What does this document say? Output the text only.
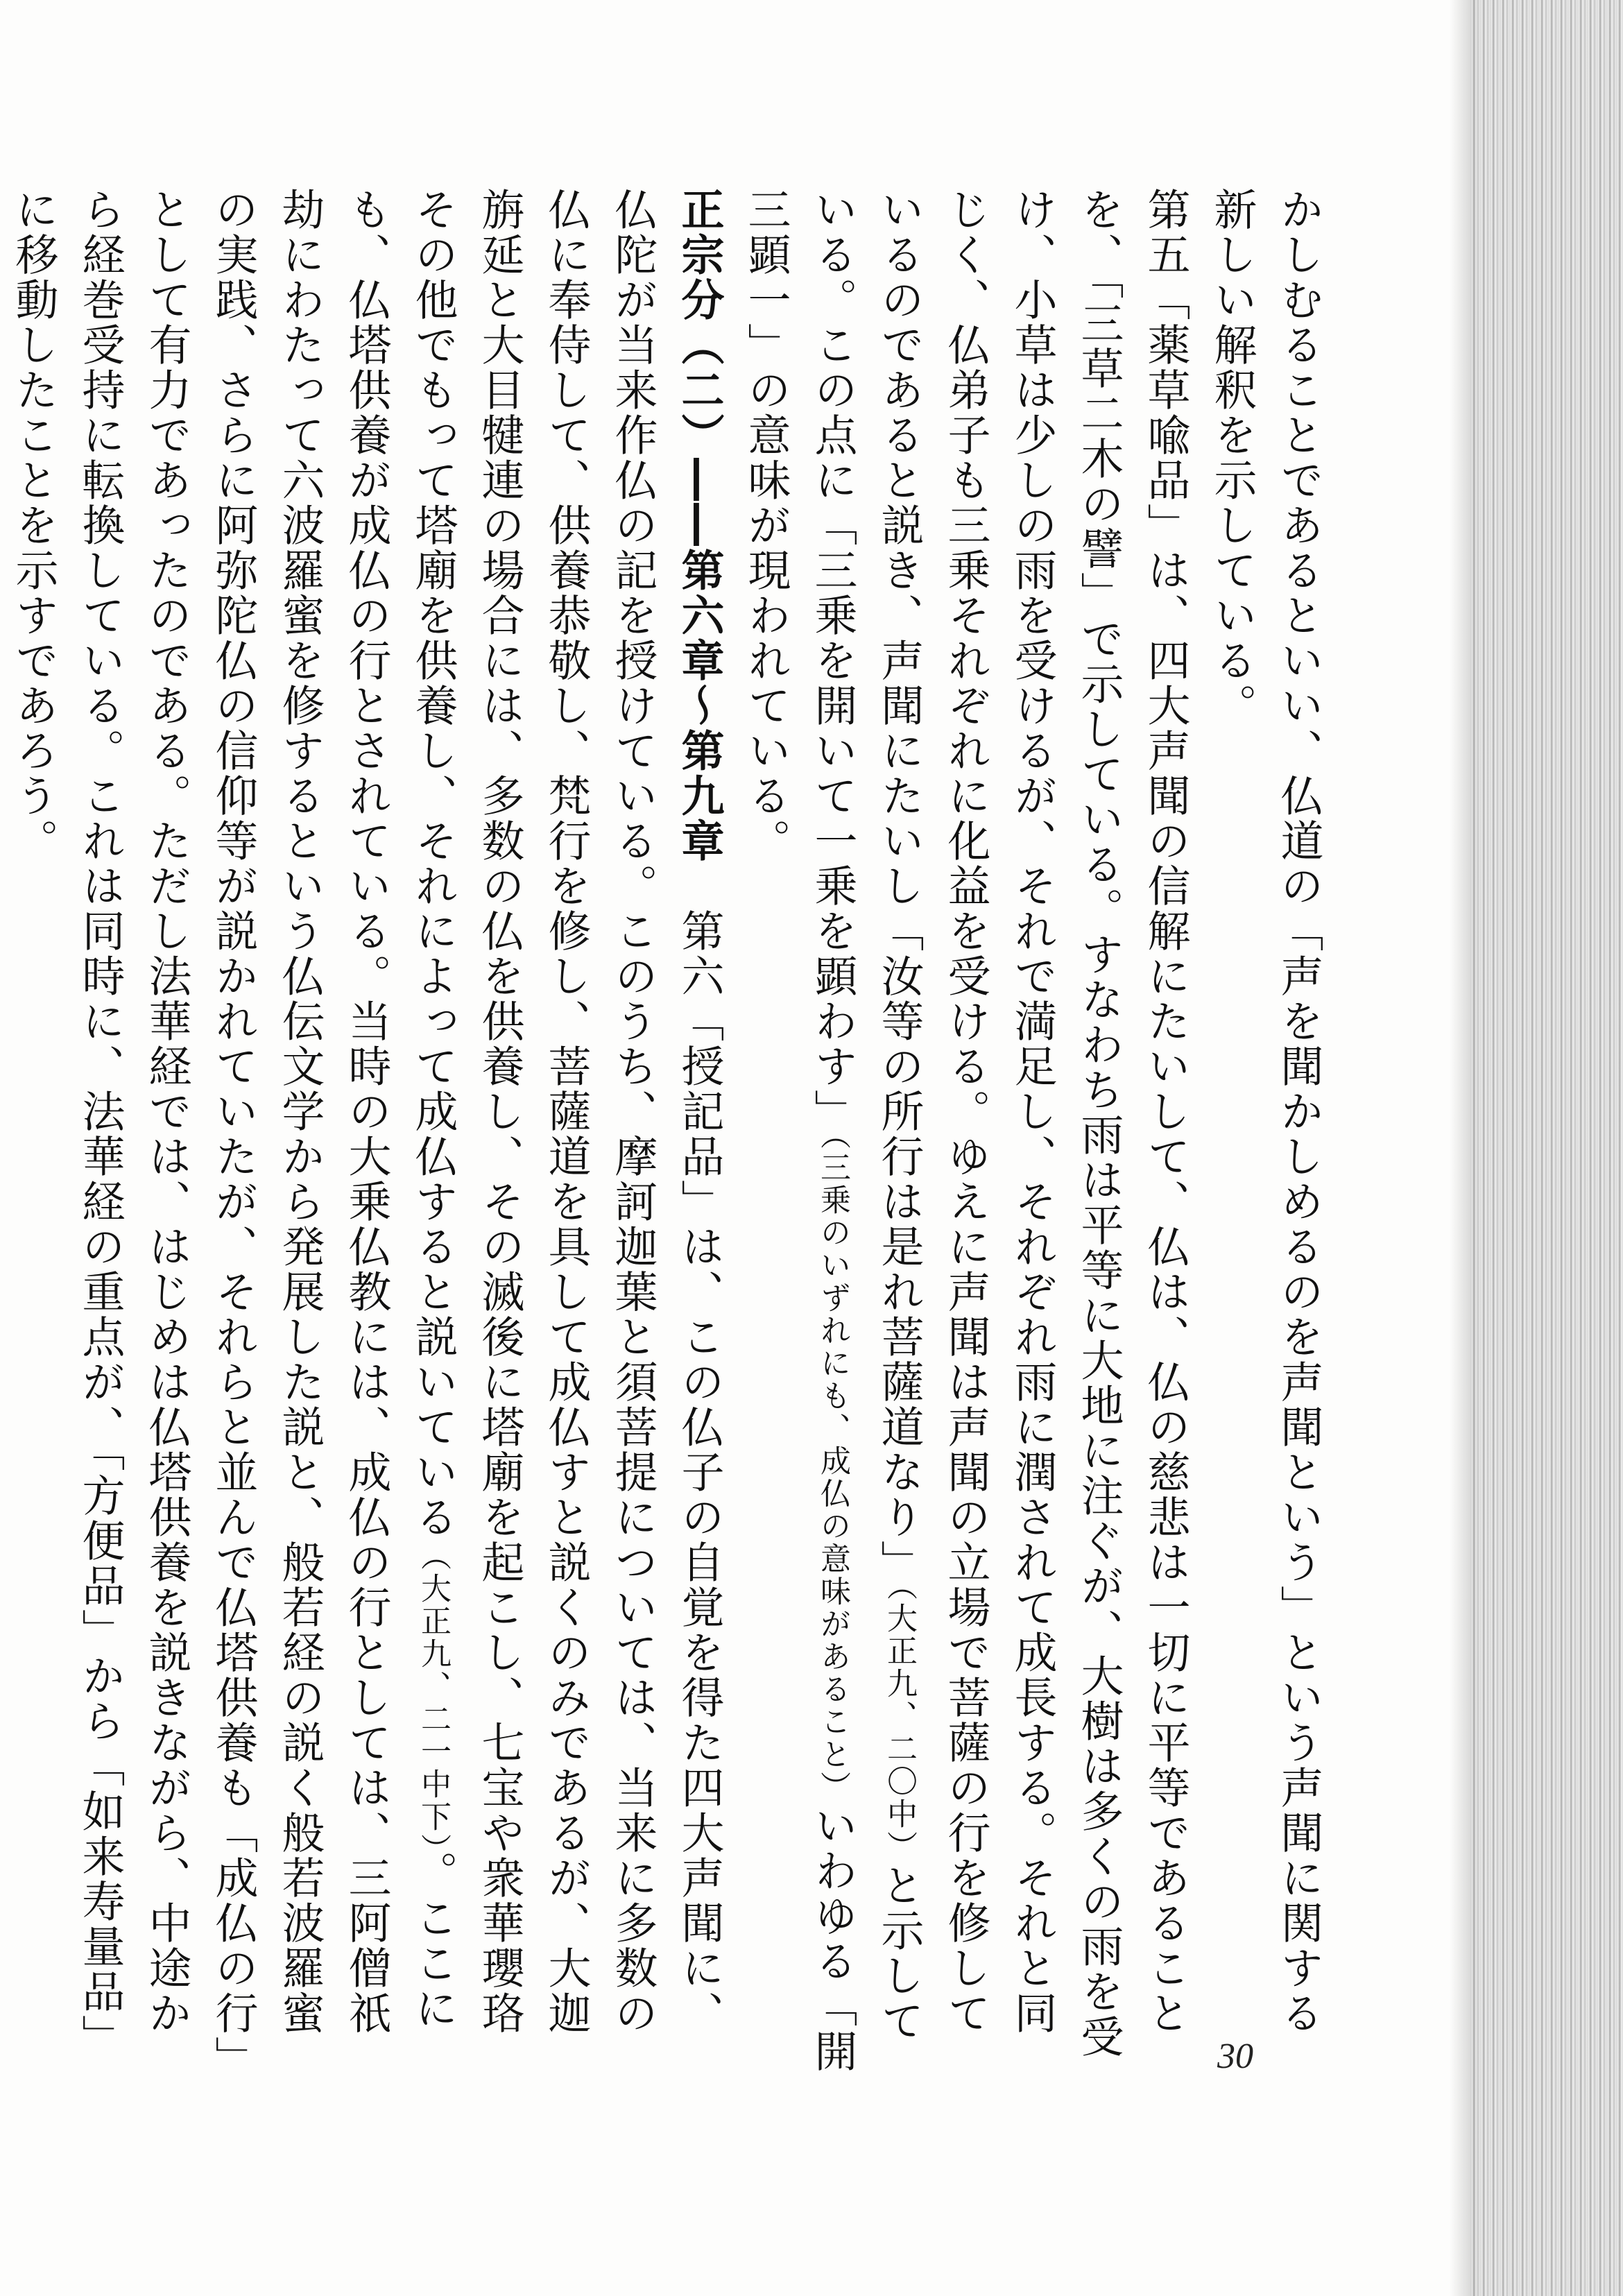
かしむることであるといい、仏道の「声を聞かしめるのを声聞という」という声聞に関する新しい解釈を示している。

第五「薬草喩品」は、四大声聞の信解にたいして、仏は、仏の慈悲は一切に平等であることを、「三草二木の譬」で示している。すなわち雨は平等に大地に注ぐが、大樹は多くの雨を受け、小草は少しの雨を受けるが、それで満足し、それぞれ雨に潤されて成長する。それと同じく、仏弟子も三乗それぞれに化益を受ける。ゆえに声聞は声聞の立場で菩薩の行を修しているのであると説き、声聞にたいし「汝等の所行は是れ菩薩道なり」（大正九、二〇中）と示している。この点に「三乗を開いて一乗を顕わす」（三乗のいずれにも、成仏の意味があること）いわゆる「開三顕一」の意味が現われている。

正宗分（二）――第六章〜第九章　第六「授記品」は、この仏子の自覚を得た四大声聞に、仏陀が当来作仏の記を授けている。このうち、摩訶迦葉と須菩提については、当来に多数の仏に奉侍して、供養恭敬し、梵行を修し、菩薩道を具して成仏すと説くのみであるが、大迦旃延と大目犍連の場合には、多数の仏を供養し、その滅後に塔廟を起こし、七宝や衆華瓔珞その他でもって塔廟を供養し、それによって成仏すると説いている（大正九、二一中下）。ここにも、仏塔供養が成仏の行とされている。当時の大乗仏教には、成仏の行としては、三阿僧祇劫にわたって六波羅蜜を修するという仏伝文学から発展した説と、般若経の説く般若波羅蜜の実践、さらに阿弥陀仏の信仰等が説かれていたが、それらと並んで仏塔供養も「成仏の行」として有力であったのである。ただし法華経では、はじめは仏塔供養を説きながら、中途から経巻受持に転換している。これは同時に、法華経の重点が、「方便品」から「如来寿量品」に移動したことを示すであろう。

30
